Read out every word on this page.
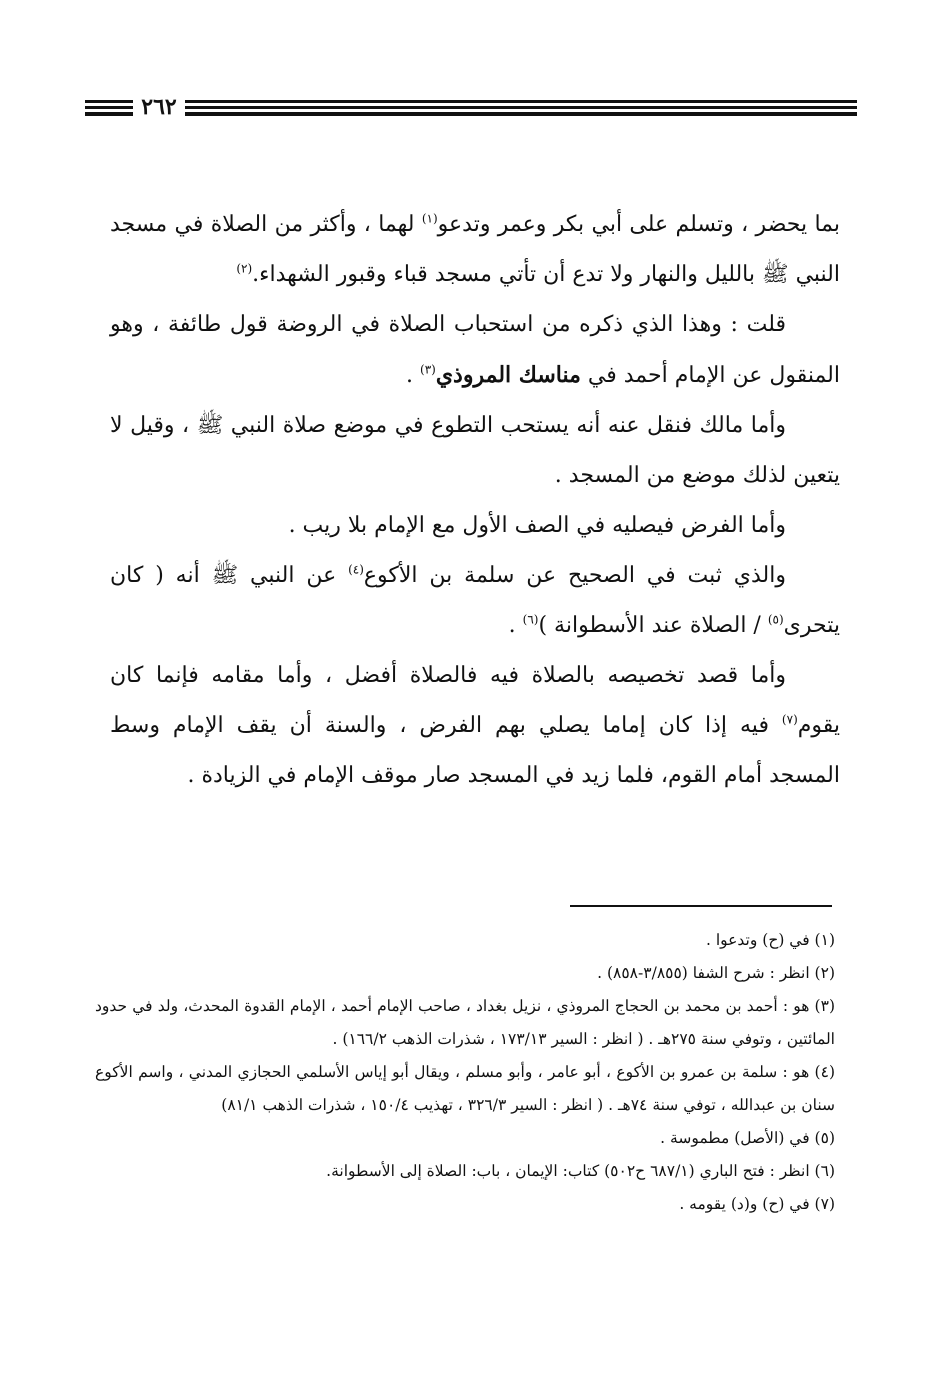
٢٦٢

بما يحضر ، وتسلم على أبي بكر وعمر وتدعو$^{(١)}$ لهما ، وأكثر من الصلاة في مسجد النبي ﷺ بالليل والنهار ولا تدع أن تأتي مسجد قباء وقبور الشهداء.$^{(٢)}$

قلت : وهذا الذي ذكره من استحباب الصلاة في الروضة قول طائفة ، وهو المنقول عن الإمام أحمد في مناسك المروذي$^{(٣)}$ .

وأما مالك فنقل عنه أنه يستحب التطوع في موضع صلاة النبي ﷺ ، وقيل لا يتعين لذلك موضع من المسجد .

وأما الفرض فيصليه في الصف الأول مع الإمام بلا ريب .

والذي ثبت في الصحيح عن سلمة بن الأكوع$^{(٤)}$ عن النبي ﷺ أنه ( كان يتحرى$^{(٥)}$ / الصلاة عند الأسطوانة )$^{(٦)}$ .

وأما قصد تخصيصه بالصلاة فيه فالصلاة أفضل ، وأما مقامه فإنما كان يقوم$^{(٧)}$ فيه إذا كان إماما يصلي بهم الفرض ، والسنة أن يقف الإمام وسط المسجد أمام القوم، فلما زيد في المسجد صار موقف الإمام في الزيادة .

(١) في (ح) وتدعوا .

(٢) انظر : شرح الشفا (٣/٨٥٥-٨٥٨) .

(٣) هو : أحمد بن محمد بن الحجاج المروذي ، نزيل بغداد ، صاحب الإمام أحمد ، الإمام القدوة المحدث، ولد في حدود المائتين ، وتوفي سنة ٢٧٥هـ . ( انظر : السير ١٧٣/١٣ ، شذرات الذهب ١٦٦/٢) .

(٤) هو : سلمة بن عمرو بن الأكوع ، أبو عامر ، وأبو مسلم ، ويقال أبو إياس الأسلمي الحجازي المدني ، واسم الأكوع سنان بن عبدالله ، توفي سنة ٧٤هـ . ( انظر : السير ٣٢٦/٣ ، تهذيب ١٥٠/٤ ، شذرات الذهب ٨١/١)

(٥) في (الأصل) مطموسة .

(٦) انظر : فتح الباري (٦٨٧/١ ح٥٠٢) كتاب: الإيمان ، باب: الصلاة إلى الأسطوانة.

(٧) في (ح) و(د) يقومه .
